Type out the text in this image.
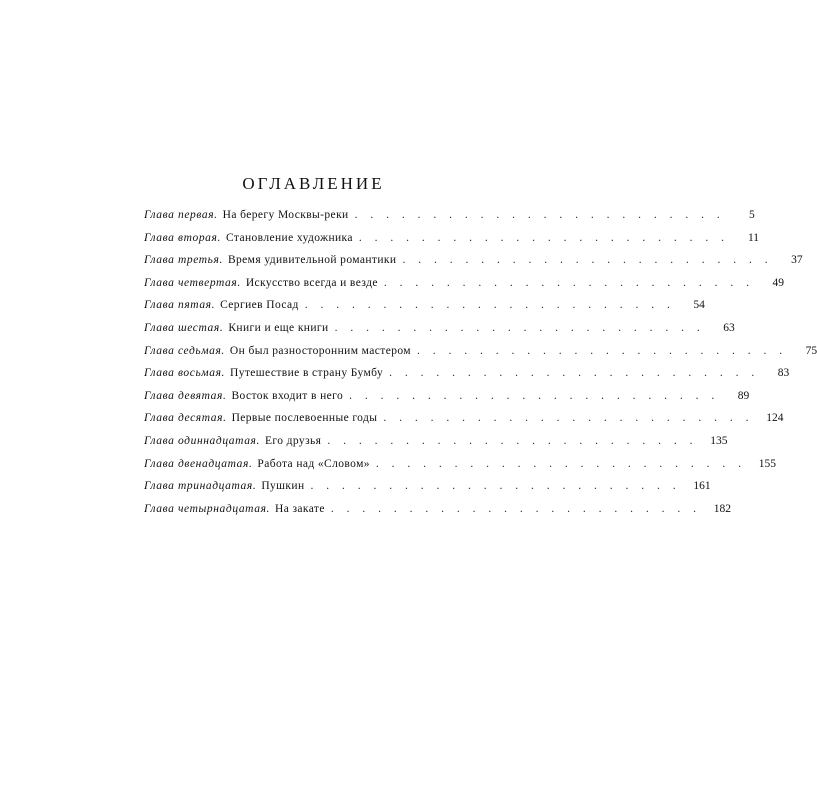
ОГЛАВЛЕНИЕ
Глава первая. На берегу Москвы-реки . . . . . . . . . . . . . . . . . . . . . . . .	5
Глава вторая. Становление художника . . . . . . . . . . . . . . . . . . . . . . . .	11
Глава третья. Время удивительной романтики . . . . . . . . . . . . . . . . . . . . . . . .	37
Глава четвертая. Искусство всегда и везде . . . . . . . . . . . . . . . . . . . . . . . .	49
Глава пятая. Сергиев Посад . . . . . . . . . . . . . . . . . . . . . . . .	54
Глава шестая. Книги и еще книги . . . . . . . . . . . . . . . . . . . . . . . .	63
Глава седьмая. Он был разносторонним мастером . . . . . . . . . . . . . . . . . . . . . . . .	75
Глава восьмая. Путешествие в страну Бумбу . . . . . . . . . . . . . . . . . . . . . . . .	83
Глава девятая. Восток входит в него . . . . . . . . . . . . . . . . . . . . . . . .	89
Глава десятая. Первые послевоенные годы . . . . . . . . . . . . . . . . . . . . . . . .	124
Глава одиннадцатая. Его друзья . . . . . . . . . . . . . . . . . . . . . . . .	135
Глава двенадцатая. Работа над «Словом» . . . . . . . . . . . . . . . . . . . . . . . .	155
Глава тринадцатая. Пушкин . . . . . . . . . . . . . . . . . . . . . . . .	161
Глава четырнадцатая. На закате . . . . . . . . . . . . . . . . . . . . . . . .	182
